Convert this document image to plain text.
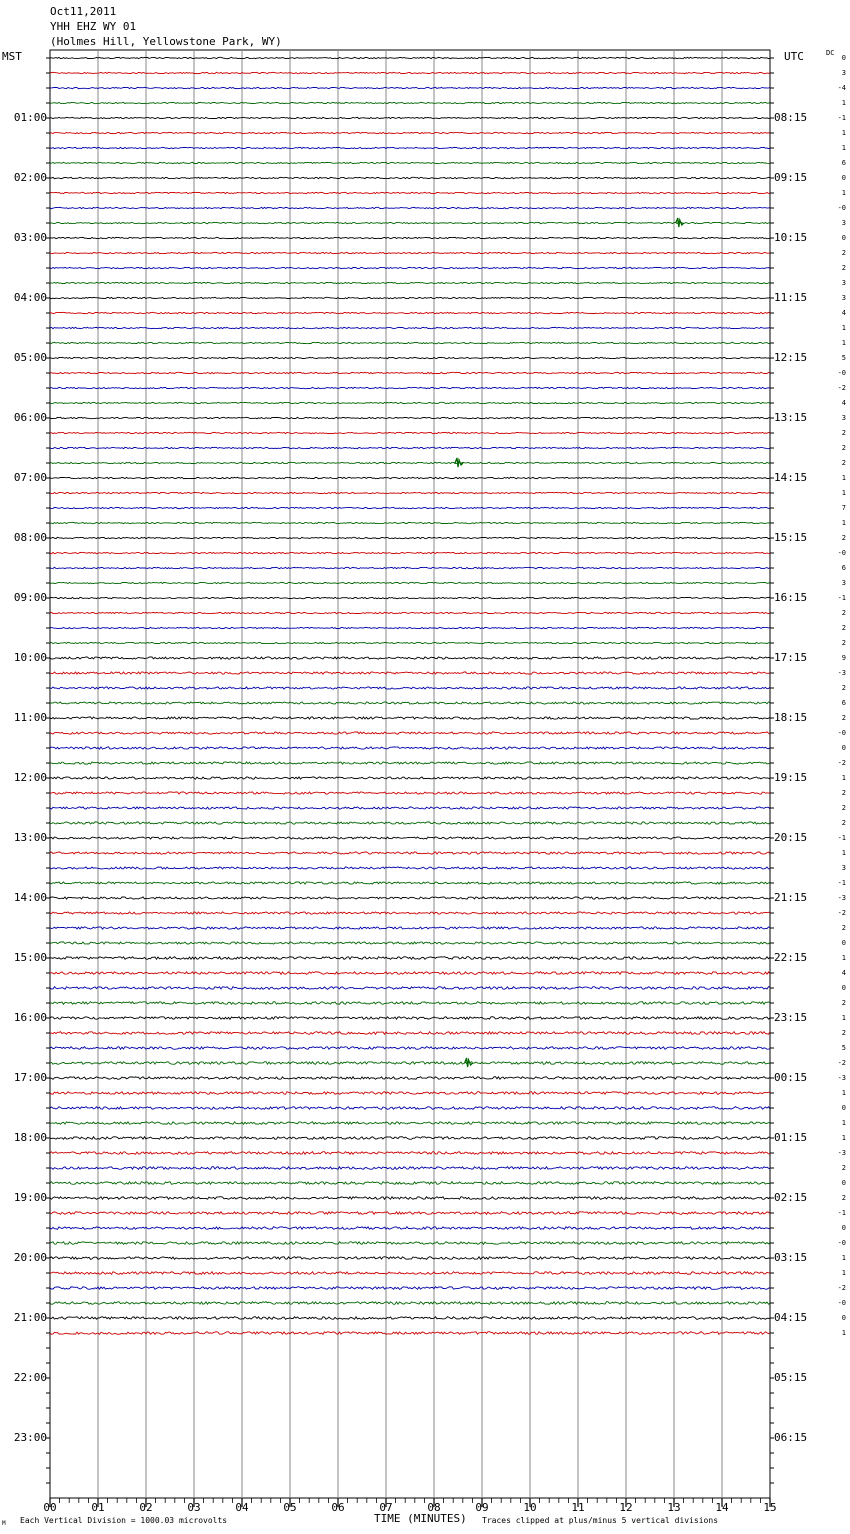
Oct11,2011
YHH EHZ WY 01
(Holmes Hill, Yellowstone Park, WY)
MST	UTC	DC
M Each Vertical Division = 1000.03 microvolts	TIME (MINUTES) Traces clipped at plus/minus 5 vertical divisions
00	01	02	03	04	05	06	07	08	09	10	11	12	13	14	15
0
3
-4
1
-1
1
1
6
0
1
-0
3
0
2
2
3
3
4
1
1
5
-0
-2
4
3
2
2
2
1
1
7
1
2
-0
6
3
-1
2
2
2
9
-3
2
6
2
-0
0
-2
1
2
2
2
-1
1
3
-1
-3
-2
2
0
1
4
0
2
1
2
5
-2
-3
1
0
1
1
-3
2
0
2
-1
0
-0
1
1
-2
-0
0
1
01:00
02:00
03:00
04:00
05:00
06:00
07:00
08:00
09:00
10:00
11:00
12:00
13:00
14:00
15:00
16:00
17:00
18:00
19:00
20:00
21:00
22:00
23:00
08:15
09:15
10:15
11:15
12:15
13:15
14:15
15:15
16:15
17:15
18:15
19:15
20:15
21:15
22:15
23:15
00:15
01:15
02:15
03:15
04:15
05:15
06:15
